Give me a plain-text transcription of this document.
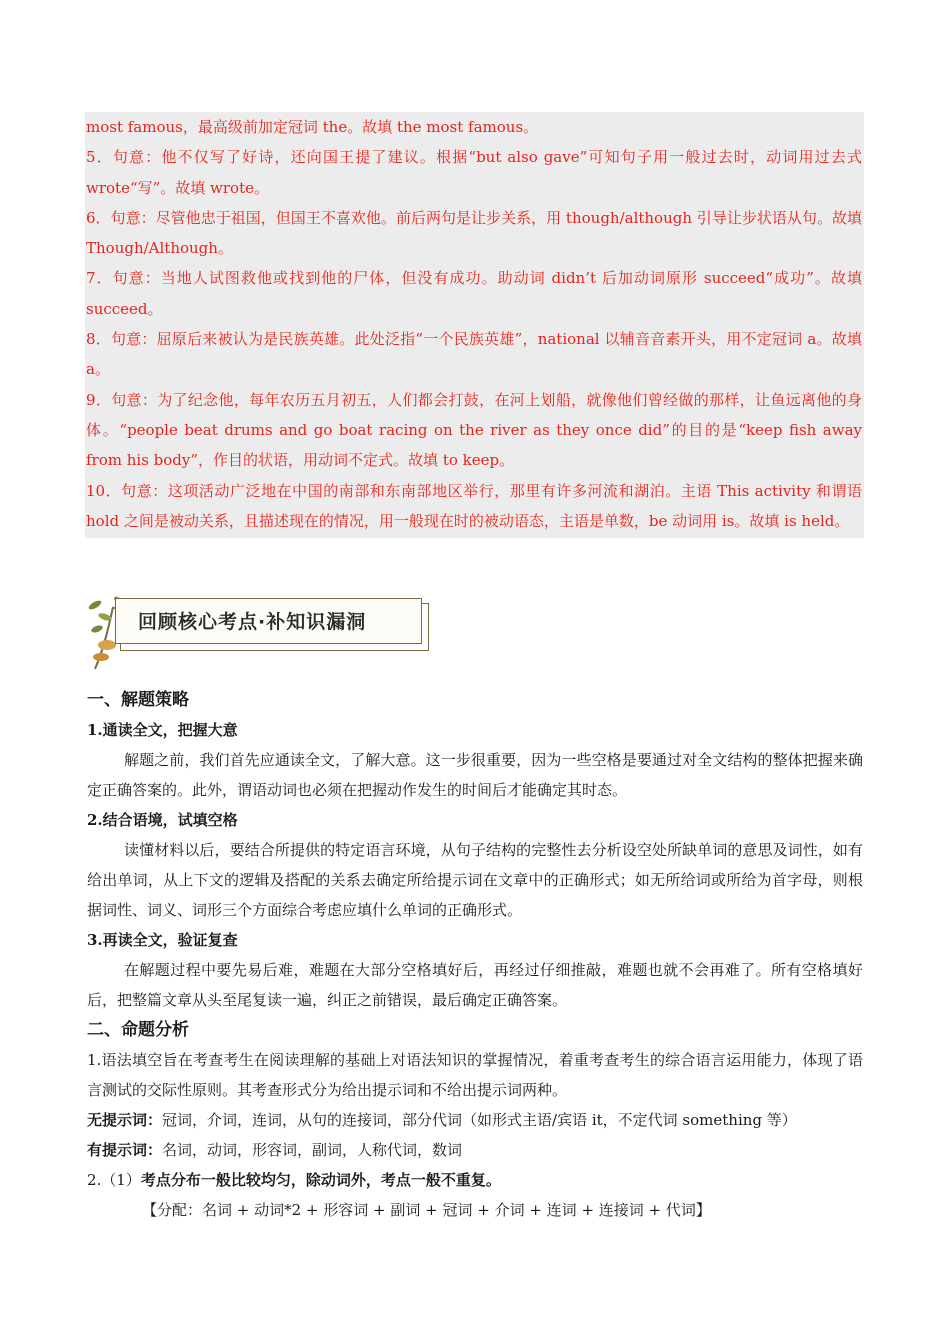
most famous，最高级前加定冠词 the。故填 the most famous。

5．句意：他不仅写了好诗，还向国王提了建议。根据“but also gave”可知句子用一般过去时，动词用过去式 wrote“写”。故填 wrote。

6．句意：尽管他忠于祖国，但国王不喜欢他。前后两句是让步关系，用 though/although 引导让步状语从句。故填 Though/Although。

7．句意：当地人试图救他或找到他的尸体，但没有成功。助动词 didn’t 后加动词原形 succeed“成功”。故填 succeed。

8．句意：屈原后来被认为是民族英雄。此处泛指“一个民族英雄”，national 以辅音音素开头，用不定冠词 a。故填 a。

9．句意：为了纪念他，每年农历五月初五，人们都会打鼓，在河上划船，就像他们曾经做的那样，让鱼远离他的身体。“people beat drums and go boat racing on the river as they once did”的目的是“keep fish away from his body”，作目的状语，用动词不定式。故填 to keep。

10．句意：这项活动广泛地在中国的南部和东南部地区举行，那里有许多河流和湖泊。主语 This activity 和谓语 hold 之间是被动关系，且描述现在的情况，用一般现在时的被动语态，主语是单数，be 动词用 is。故填 is held。

回顾核心考点·补知识漏洞

一、解题策略

1.通读全文，把握大意

解题之前，我们首先应通读全文，了解大意。这一步很重要，因为一些空格是要通过对全文结构的整体把握来确定正确答案的。此外，谓语动词也必须在把握动作发生的时间后才能确定其时态。

2.结合语境，试填空格

读懂材料以后，要结合所提供的特定语言环境，从句子结构的完整性去分析设空处所缺单词的意思及词性，如有给出单词，从上下文的逻辑及搭配的关系去确定所给提示词在文章中的正确形式；如无所给词或所给为首字母，则根据词性、词义、词形三个方面综合考虑应填什么单词的正确形式。

3.再读全文，验证复查

在解题过程中要先易后难，难题在大部分空格填好后，再经过仔细推敲，难题也就不会再难了。所有空格填好后，把整篇文章从头至尾复读一遍，纠正之前错误，最后确定正确答案。

二、命题分析

1.语法填空旨在考查考生在阅读理解的基础上对语法知识的掌握情况，着重考查考生的综合语言运用能力，体现了语言测试的交际性原则。其考查形式分为给出提示词和不给出提示词两种。

无提示词：冠词，介词，连词，从句的连接词，部分代词（如形式主语/宾语 it，不定代词 something 等）

有提示词：名词，动词，形容词，副词，人称代词，数词

2.（1）考点分布一般比较均匀，除动词外，考点一般不重复。

【分配：名词 + 动词*2 + 形容词 + 副词 + 冠词 + 介词 + 连词 + 连接词 + 代词】
